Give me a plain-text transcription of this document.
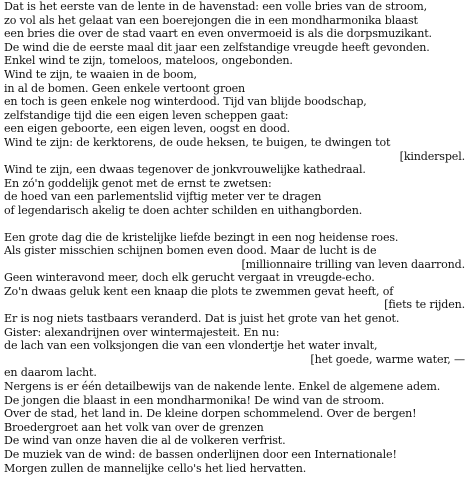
Dat is het eerste van de lente in de havenstad: een volle bries van de stroom,
zo vol als het gelaat van een boerejongen die in een mondharmonika blaast
een bries die over de stad vaart en even onvermoeid is als die dorpsmuzikant.
De wind die de eerste maal dit jaar een zelfstandige vreugde heeft gevonden.
Enkel wind te zijn, tomeloos, mateloos, ongebonden.
Wind te zijn, te waaien in de boom,
in al de bomen. Geen enkele vertoont groen
en toch is geen enkele nog winterdood. Tijd van blijde boodschap,
zelfstandige tijd die een eigen leven scheppen gaat:
een eigen geboorte, een eigen leven, oogst en dood.
Wind te zijn: de kerktorens, de oude heksen, te buigen, te dwingen tot
[kinderspel.
Wind te zijn, een dwaas tegenover de jonkvrouwelijke kathedraal.
En zó'n goddelijk genot met de ernst te zwetsen:
de hoed van een parlementslid vijftig meter ver te dragen
of legendarisch akelig te doen achter schilden en uithangborden.
Een grote dag die de kristelijke liefde bezingt in een nog heidense roes.
Als gister misschien schijnen bomen even dood. Maar de lucht is de
[millionnaire trilling van leven daarrond.
Geen winteravond meer, doch elk gerucht vergaat in vreugde-echo.
Zo'n dwaas geluk kent een knaap die plots te zwemmen gevat heeft, of
[fiets te rijden.
Er is nog niets tastbaars veranderd. Dat is juist het grote van het genot.
Gister: alexandrijnen over wintermajesteit. En nu:
de lach van een volksjongen die van een vlondertje het water invalt,
[het goede, warme water, —
en daarom lacht.
Nergens is er één detailbewijs van de nakende lente. Enkel de algemene adem.
De jongen die blaast in een mondharmonika! De wind van de stroom.
Over de stad, het land in. De kleine dorpen schommelend. Over de bergen!
Broedergroet aan het volk van over de grenzen
De wind van onze haven die al de volkeren verfrist.
De muziek van de wind: de bassen onderlijnen door een Internationale!
Morgen zullen de mannelijke cello's het lied hervatten.
